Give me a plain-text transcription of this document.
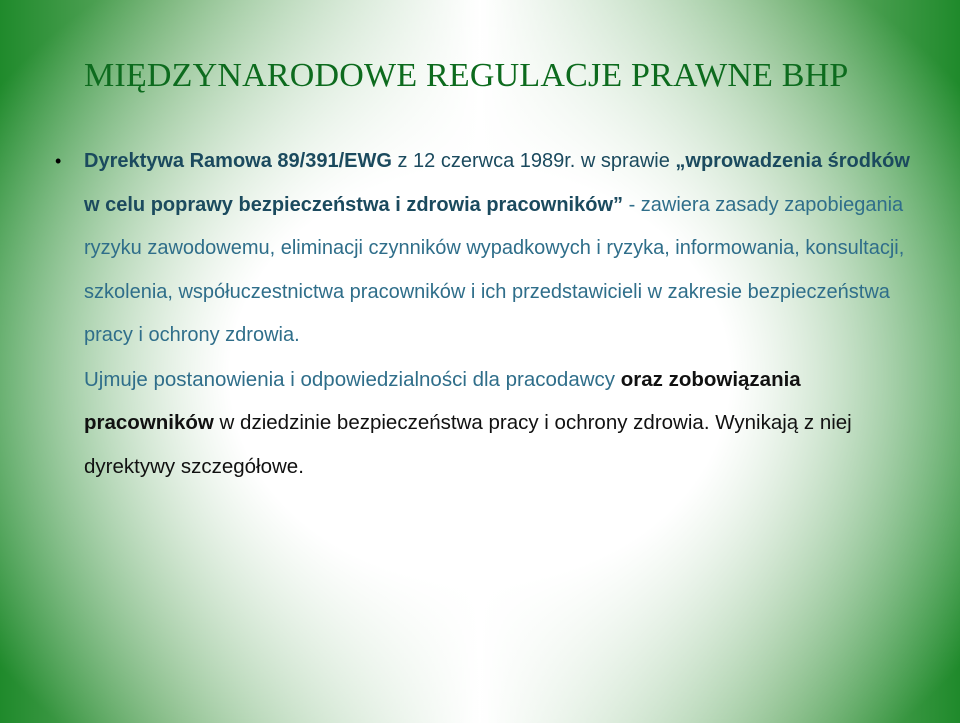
MIĘDZYNARODOWE REGULACJE PRAWNE BHP
• Dyrektywa Ramowa 89/391/EWG z 12 czerwca 1989r. w sprawie „wprowadzenia środków w celu poprawy bezpieczeństwa i zdrowia pracowników” - zawiera zasady zapobiegania ryzyku zawodowemu, eliminacji czynników wypadkowych i ryzyka, informowania, konsultacji, szkolenia, współuczestnictwa pracowników i ich przedstawicieli w zakresie bezpieczeństwa pracy i ochrony zdrowia.
Ujmuje postanowienia i odpowiedzialności dla pracodawcy oraz zobowiązania pracowników w dziedzinie bezpieczeństwa pracy i ochrony zdrowia. Wynikają z niej dyrektywy szczegółowe.
